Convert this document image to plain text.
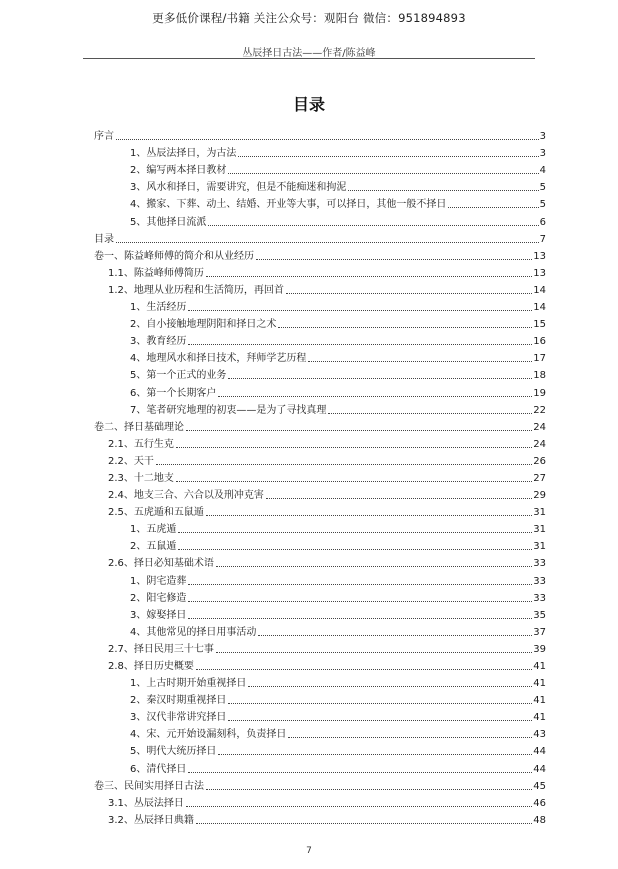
更多低价课程/书籍 关注公众号：观阳台 微信：951894893
丛辰择日古法——作者/陈益峰
目录
序言	3
1、 丛辰法择日，为古法	3
2、 编写两本择日教材	4
3、 风水和择日，需要讲究，但是不能痴迷和拘泥	5
4、 搬家、下葬、动土、结婚、开业等大事，可以择日，其他一般不择日	5
5、 其他择日流派	6
目录	7
卷一、陈益峰师傅的简介和从业经历	13
1.1、 陈益峰师傅简历	13
1.2、 地理从业历程和生活简历，再回首	14
1、 生活经历	14
2、 自小接触地理阴阳和择日之术	15
3、 教育经历	16
4、 地理风水和择日技术，拜师学艺历程	17
5、 第一个正式的业务	18
6、 第一个长期客户	19
7、 笔者研究地理的初衷——是为了寻找真理	22
卷二、择日基础理论	24
2.1、 五行生克	24
2.2、 天干	26
2.3、 十二地支	27
2.4、 地支三合、六合以及刑冲克害	29
2.5、 五虎遁和五鼠遁	31
1、 五虎遁	31
2、 五鼠遁	31
2.6、 择日必知基础术语	33
1、 阴宅造葬	33
2、 阳宅修造	33
3、 嫁娶择日	35
4、 其他常见的择日用事活动	37
2.7、 择日民用三十七事	39
2.8、 择日历史概要	41
1、 上古时期开始重视择日	41
2、 秦汉时期重视择日	41
3、 汉代非常讲究择日	41
4、 宋、元开始设漏刻科，负责择日	43
5、 明代大统历择日	44
6、 清代择日	44
卷三、民间实用择日古法	45
3.1、 丛辰法择日	46
3.2、 丛辰择日典籍	48
7
